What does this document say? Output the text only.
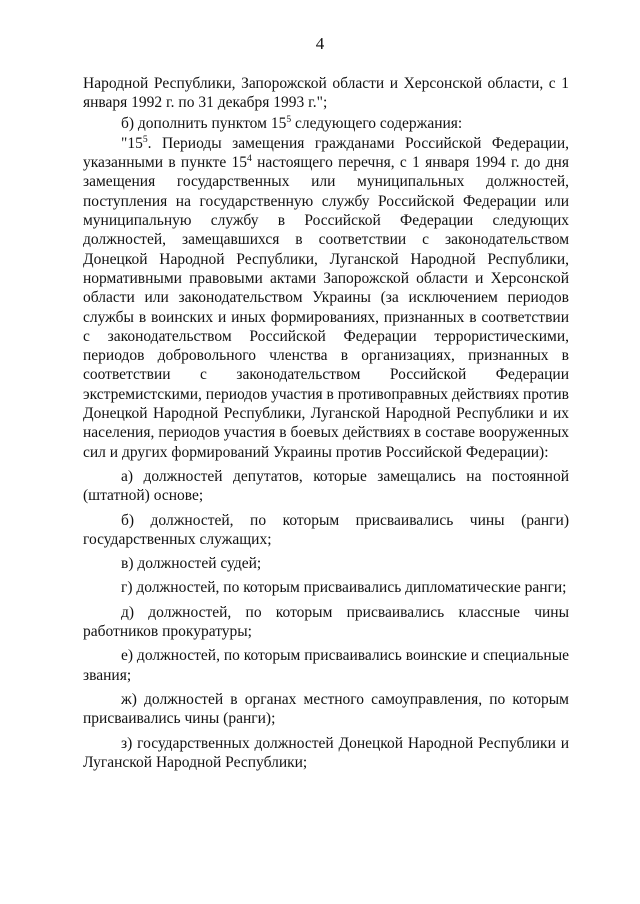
4

Народной Республики, Запорожской области и Херсонской области, с 1 января 1992 г. по 31 декабря 1993 г.";

б) дополнить пунктом $15^5$ следующего содержания:

"$15^5$. Периоды замещения гражданами Российской Федерации, указанными в пункте $15^4$ настоящего перечня, с 1 января 1994 г. до дня замещения государственных или муниципальных должностей, поступления на государственную службу Российской Федерации или муниципальную службу в Российской Федерации следующих должностей, замещавшихся в соответствии с законодательством Донецкой Народной Республики, Луганской Народной Республики, нормативными правовыми актами Запорожской области и Херсонской области или законодательством Украины (за исключением периодов службы в воинских и иных формированиях, признанных в соответствии с законодательством Российской Федерации террористическими, периодов добровольного членства в организациях, признанных в соответствии с законодательством Российской Федерации экстремистскими, периодов участия в противоправных действиях против Донецкой Народной Республики, Луганской Народной Республики и их населения, периодов участия в боевых действиях в составе вооруженных сил и других формирований Украины против Российской Федерации):

а) должностей депутатов, которые замещались на постоянной (штатной) основе;

б) должностей, по которым присваивались чины (ранги) государственных служащих;

в) должностей судей;

г) должностей, по которым присваивались дипломатические ранги;

д) должностей, по которым присваивались классные чины работников прокуратуры;

е) должностей, по которым присваивались воинские и специальные звания;

ж) должностей в органах местного самоуправления, по которым присваивались чины (ранги);

з) государственных должностей Донецкой Народной Республики и Луганской Народной Республики;
